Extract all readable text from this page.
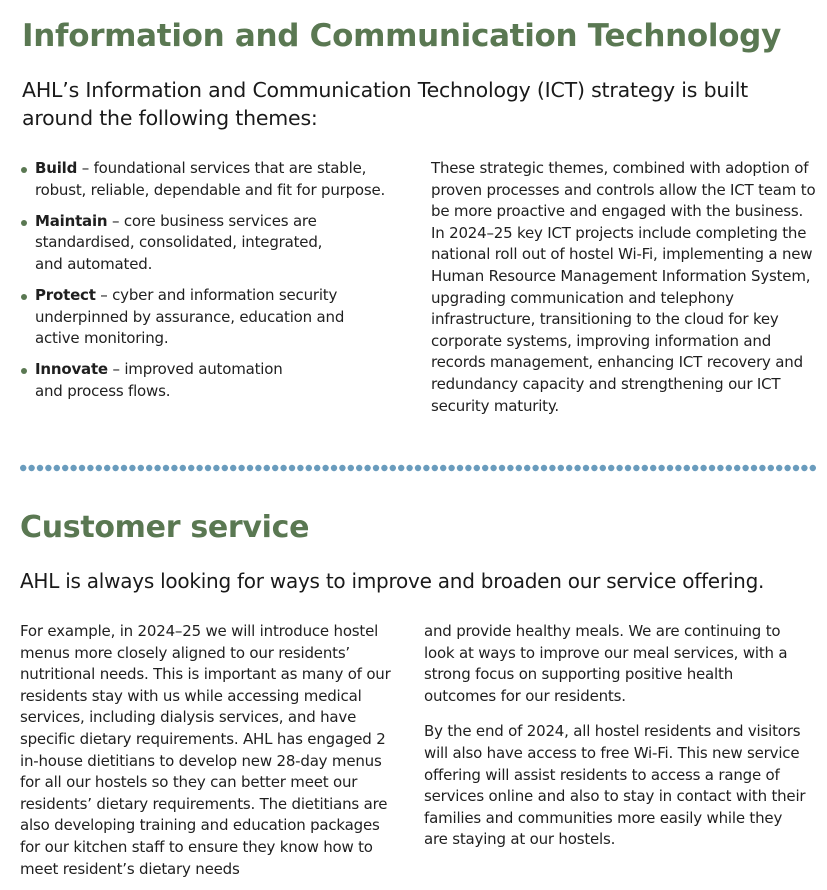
Information and Communication Technology

AHL’s Information and Communication Technology (ICT) strategy is built around the following themes:

Build – foundational services that are stable, robust, reliable, dependable and fit for purpose.
Maintain – core business services are standardised, consolidated, integrated, and automated.
Protect – cyber and information security underpinned by assurance, education and active monitoring.
Innovate – improved automation and process flows.

These strategic themes, combined with adoption of proven processes and controls allow the ICT team to be more proactive and engaged with the business. In 2024–25 key ICT projects include completing the national roll out of hostel Wi-Fi, implementing a new Human Resource Management Information System, upgrading communication and telephony infrastructure, transitioning to the cloud for key corporate systems, improving information and records management, enhancing ICT recovery and redundancy capacity and strengthening our ICT security maturity.

Customer service

AHL is always looking for ways to improve and broaden our service offering.

For example, in 2024–25 we will introduce hostel menus more closely aligned to our residents’ nutritional needs. This is important as many of our residents stay with us while accessing medical services, including dialysis services, and have specific dietary requirements. AHL has engaged 2 in-house dietitians to develop new 28-day menus for all our hostels so they can better meet our residents’ dietary requirements. The dietitians are also developing training and education packages for our kitchen staff to ensure they know how to meet resident’s dietary needs

and provide healthy meals. We are continuing to look at ways to improve our meal services, with a strong focus on supporting positive health outcomes for our residents.

By the end of 2024, all hostel residents and visitors will also have access to free Wi-Fi. This new service offering will assist residents to access a range of services online and also to stay in contact with their families and communities more easily while they are staying at our hostels.
